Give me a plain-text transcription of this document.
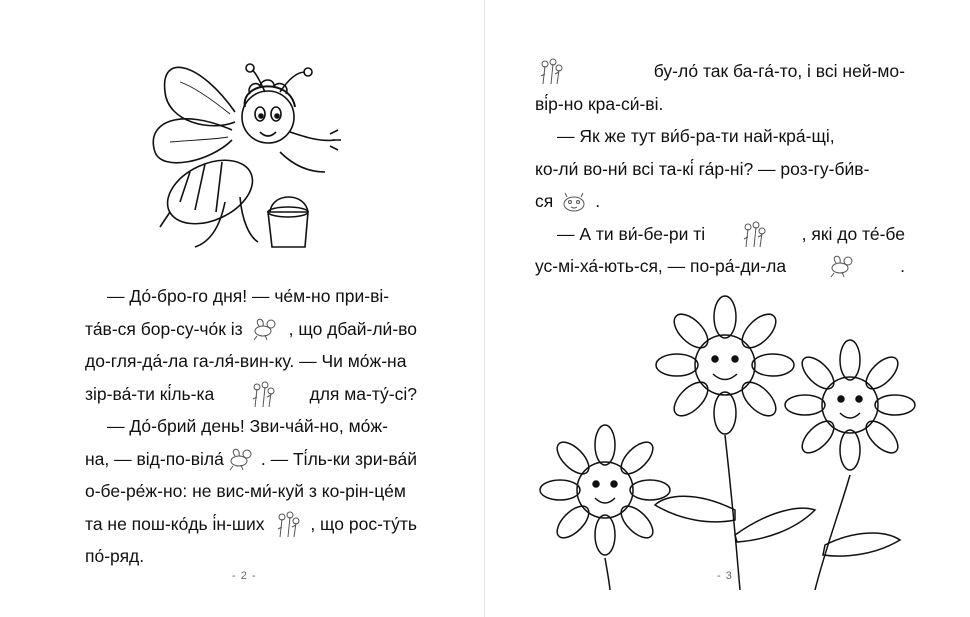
— До́-бро-го дня! — че́м-но при-ві-
та́в-ся бор-су-чо́к із	, що дбай-ли́-во
до-гля-да́-ла га-ля́-вин-ку. — Чи мо́ж-на
зір-ва́-ти кі́ль-ка	для ма-ту́-сі?
— До́-брий день! Зви-ча́й-но, мо́ж-
на, — від-по-віла́ . — Ті́ль-ки зри-ва́й
о-бе-ре́ж-но: не вис-ми́-куй з ко-рін-це́м
та не пош-ко́дь і́н-ших	, що рос-ту́ть
по́-ряд.
- 2 -
бу-ло́ так ба-га́-то, і всі ней-мо-
ві́р-но кра-си́-ві.
— Як же тут ви́б-ра-ти най-кра́-щі,
ко-ли́ во-ни́ всі та-кі́ га́р-ні? — роз-гу-би́в-
ся .
— А ти ви́-бе-ри ті	, які до те́-бе
ус-мі-ха́-ють-ся, — по-ра́-ди-ла	.
- 3 -
